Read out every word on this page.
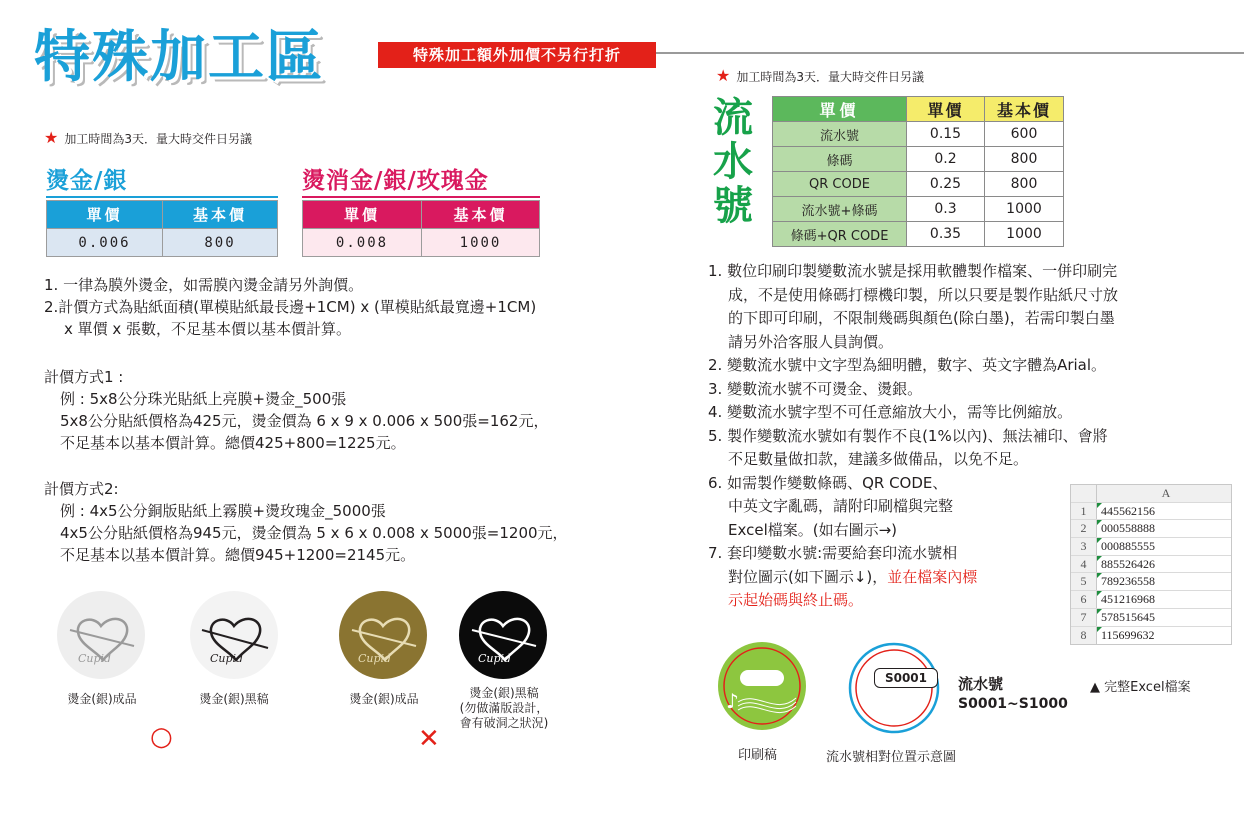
特殊加工區	特殊加工額外加價不另行打折
★ 加工時間為3天．量大時交件日另議
燙金/銀
單價	基本價
0.006	800
燙消金/銀/玫瑰金
單價	基本價
0.008	1000
1. 一律為膜外燙金，如需膜內燙金請另外詢價。
2.計價方式為貼紙面積(單模貼紙最長邊+1CM) x (單模貼紙最寬邊+1CM)
x 單價 x 張數，不足基本價以基本價計算。
計價方式1 :
例 : 5x8公分珠光貼紙上亮膜+燙金_500張
5x8公分貼紙價格為425元，燙金價為 6 x 9 x 0.006 x 500張=162元，
不足基本以基本價計算。總價425+800=1225元。
計價方式2:
例 : 4x5公分銅版貼紙上霧膜+燙玫瑰金_5000張
4x5公分貼紙價格為945元，燙金價為 5 x 6 x 0.008 x 5000張=1200元，
不足基本以基本價計算。總價945+1200=2145元。
Cupid	Cupid	Cupid	Cupid
燙金(銀)成品	燙金(銀)黑稿	燙金(銀)成品	燙金(銀)黑稿
(勿做滿版設計，
會有破洞之狀況)
○	✕
★ 加工時間為3天．量大時交件日另議
流
水
號
單價	單價	基本價
流水號	0.15	600
條碼	0.2	800
QR CODE	0.25	800
流水號+條碼	0.3	1000
條碼+QR CODE	0.35	1000
1. 數位印刷印製變數流水號是採用軟體製作檔案、一併印刷完
成，不是使用條碼打標機印製，所以只要是製作貼紙尺寸放
的下即可印刷，不限制幾碼與顏色(除白墨)，若需印製白墨
請另外洽客服人員詢價。
2. 變數流水號中文字型為細明體，數字、英文字體為Arial。
3. 變數流水號不可燙金、燙銀。
4. 變數流水號字型不可任意縮放大小，需等比例縮放。
5. 製作變數流水號如有製作不良(1%以內)、無法補印、會將
不足數量做扣款，建議多做備品，以免不足。
6. 如需製作變數條碼、QR CODE、
中英文字亂碼，請附印刷檔與完整
Excel檔案。(如右圖示→)
7. 套印變數水號:需要給套印流水號相
對位圖示(如下圖示↓)，並在檔案內標
示起始碼與終止碼。
A
1	445562156
2	000558888
3	000885555
4	885526426
5	789236558
6	451216968
7	578515645
8	115699632
▲ 完整Excel檔案
♪
S0001	流水號
S0001~S1000
印刷稿	流水號相對位置示意圖
